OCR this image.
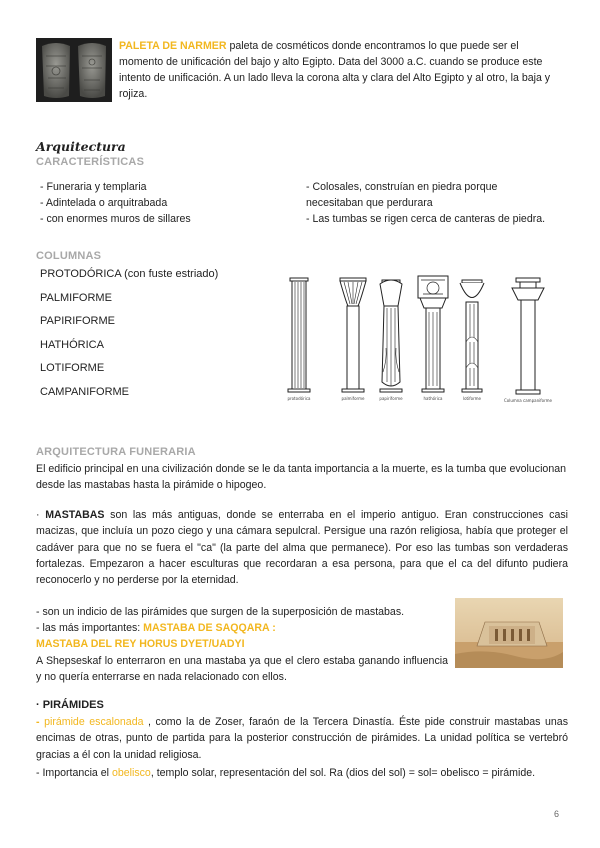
PALETA DE NARMER paleta de cosméticos donde encontramos lo que puede ser el momento de unificación del bajo y alto Egipto. Data del 3000 a.C. cuando se produce este intento de unificación. A un lado lleva la corona alta y clara del Alto Egipto y al otro, la baja y rojiza.
Arquitectura
CARACTERÍSTICAS
- Funeraria y templaria
- Adintelada o arquitrabada
- con enormes muros de sillares
- Colosales, construían en piedra porque
necesitaban que perdurara
- Las tumbas se rigen cerca de canteras de piedra.
COLUMNAS
PROTODÓRICA (con fuste estriado)
PALMIFORME
PAPIRIFORME
HATHÓRICA
LOTIFORME
CAMPANIFORME
protodórica	palmiforme	papiriforme	hathórica	lotiforme	Columna campaniforme
ARQUITECTURA FUNERARIA
El edificio principal en una civilización donde se le da tanta importancia a la muerte, es la tumba que evolucionan desde las mastabas hasta la pirámide o hipogeo.
· MASTABAS son las más antiguas, donde se enterraba en el imperio antiguo. Eran construcciones casi macizas, que incluía un pozo ciego y una cámara sepulcral. Persigue una razón religiosa, había que proteger el cadáver para que no se fuera el "ca" (la parte del alma que permanece). Por eso las tumbas son verdaderas fortalezas. Empezaron a hacer esculturas que recordaran a esa persona, para que el ca del difunto pudiera reconocerlo y no perderse por la eternidad.
- son un indicio de las pirámides que surgen de la superposición de mastabas.
- las más importantes: MASTABA DE SAQQARA :
MASTABA DEL REY HORUS DYET/UADYI
A Shepseskaf lo enterraron en una mastaba ya que el clero estaba ganando influencia y no quería enterrarse en nada relacionado con ellos.
· PIRÁMIDES
- pirámide escalonada , como la de Zoser, faraón de la Tercera Dinastía. Éste pide construir mastabas unas encimas de otras, punto de partida para la posterior construcción de pirámides. La unidad política se vertebró gracias a él con la unidad religiosa.
- Importancia el obelisco, templo solar, representación del sol. Ra (dios del sol) = sol= obelisco = pirámide.
6
